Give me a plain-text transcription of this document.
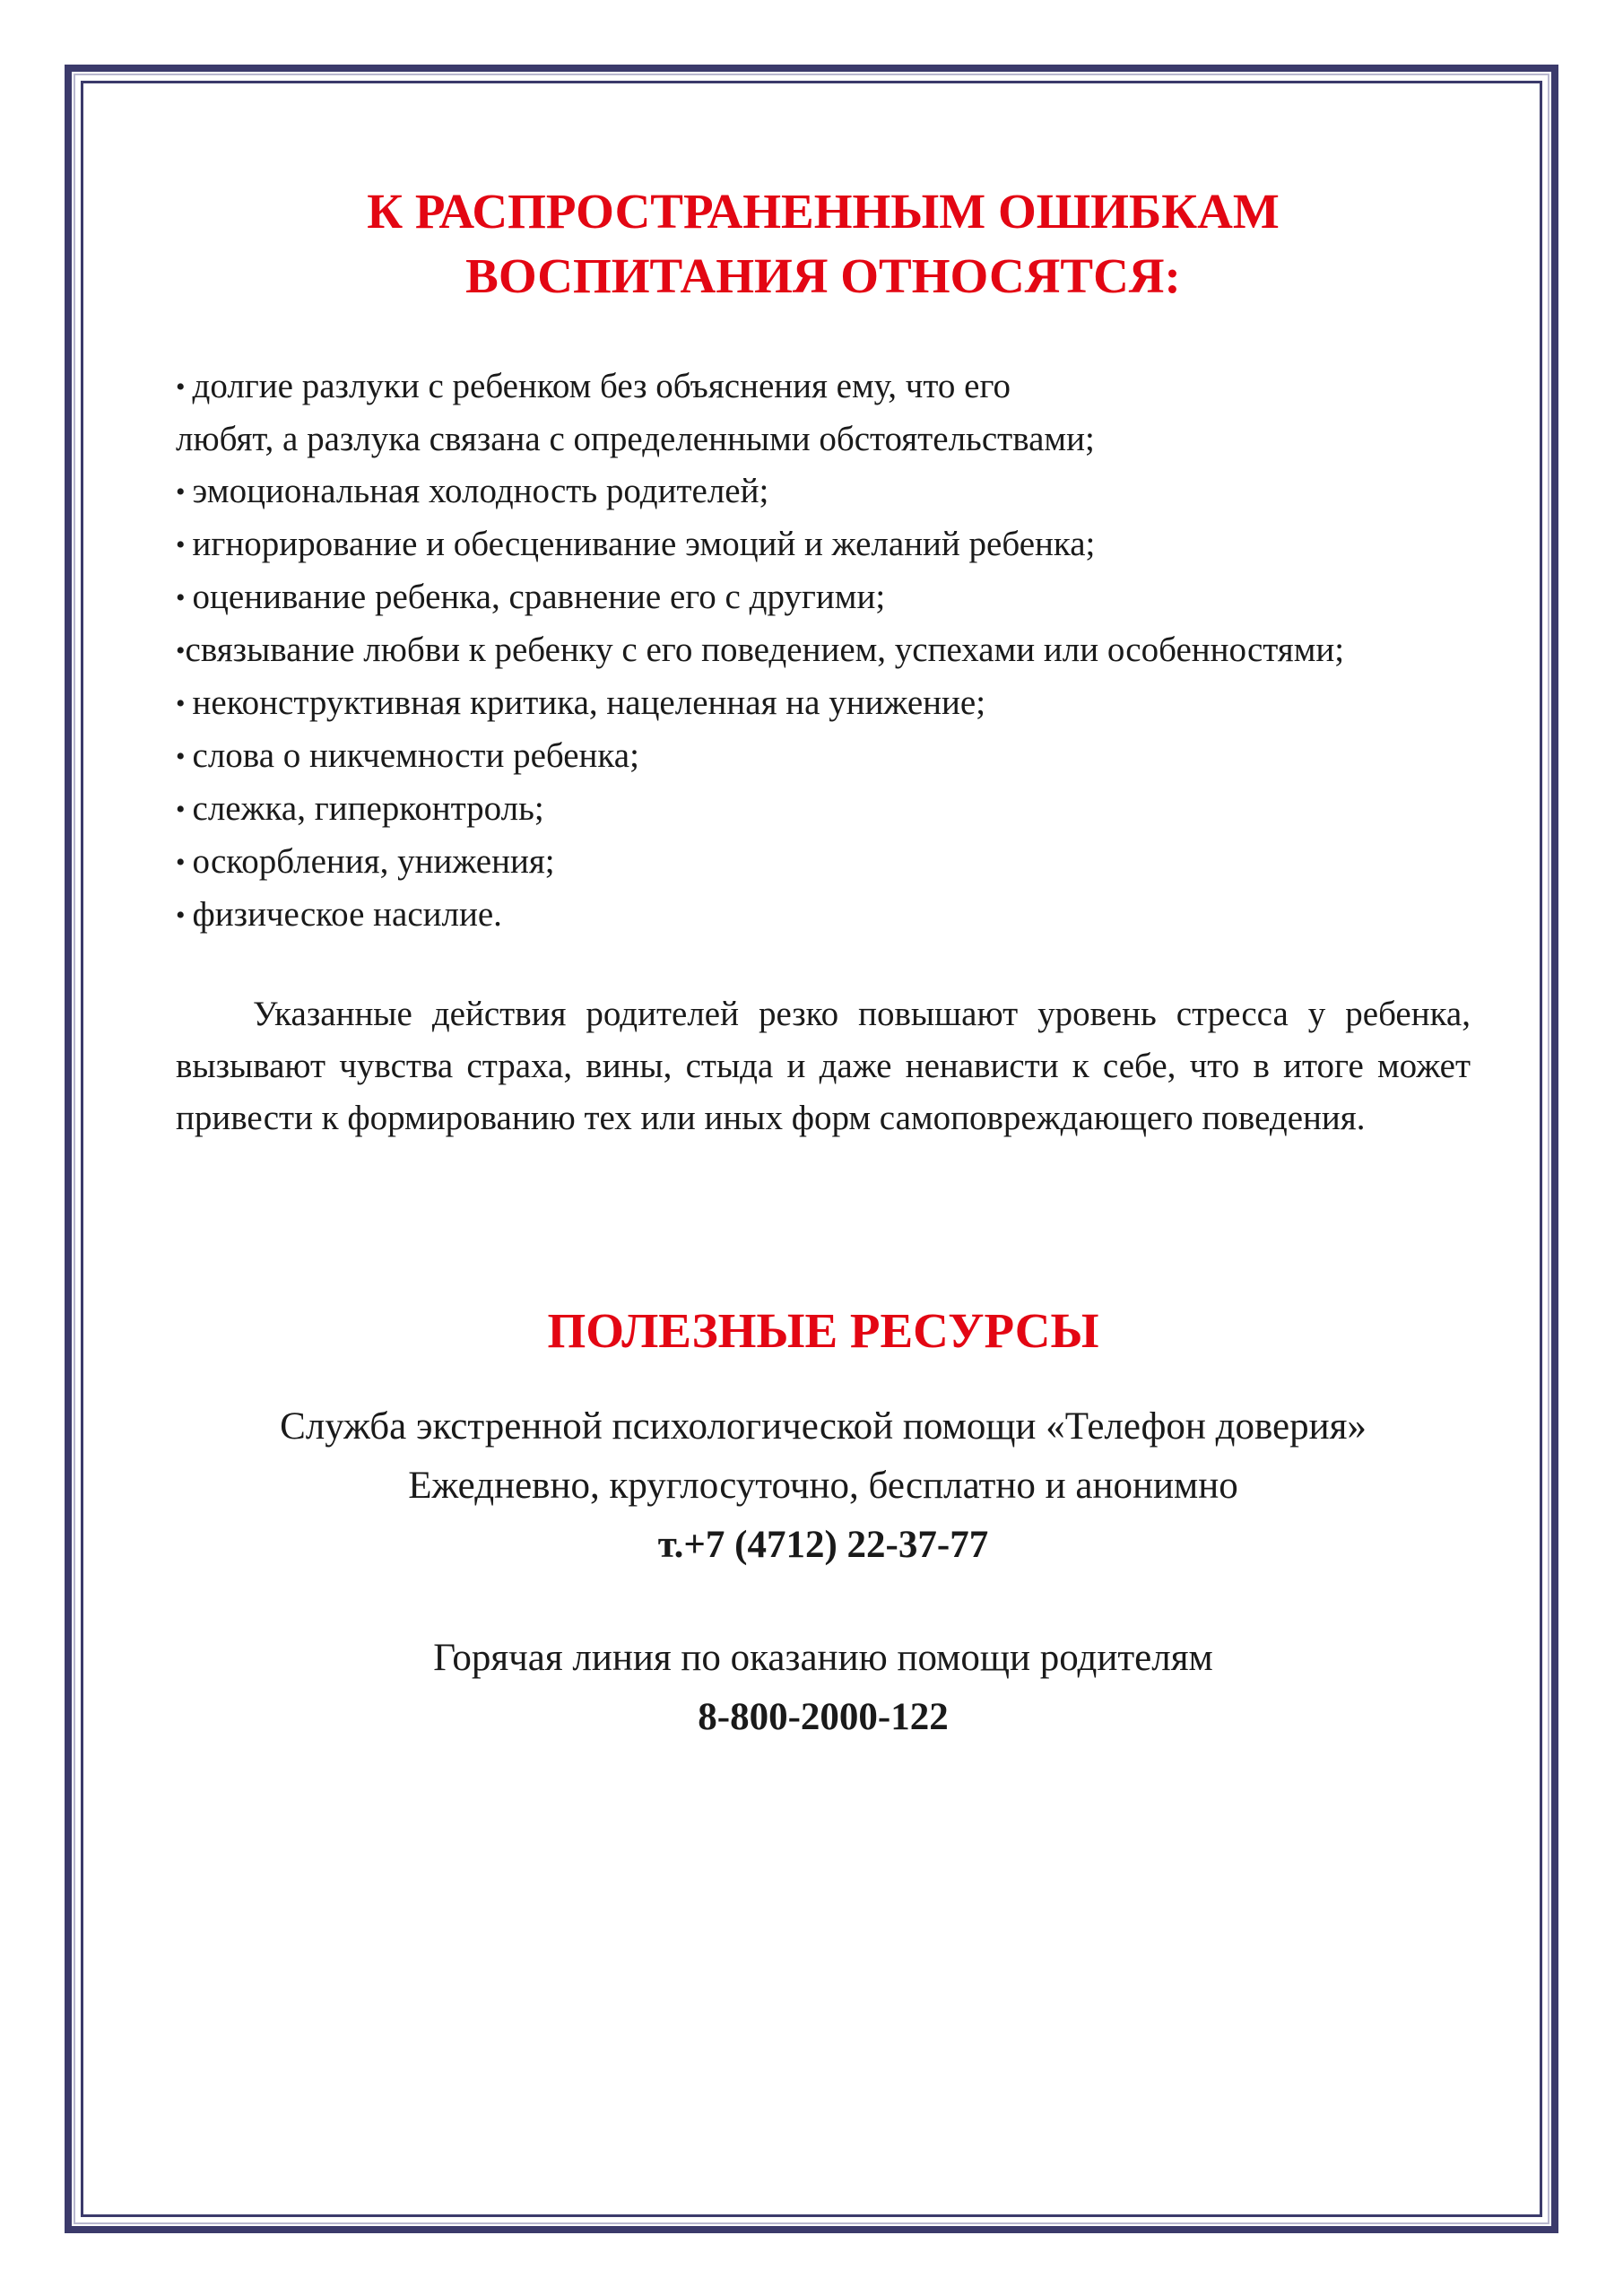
К РАСПРОСТРАНЕННЫМ ОШИБКАМ
ВОСПИТАНИЯ ОТНОСЯТСЯ:
• долгие разлуки с ребенком без объяснения ему, что его
любят, а разлука связана с определенными обстоятельствами;
• эмоциональная холодность родителей;
• игнорирование и обесценивание эмоций и желаний ребенка;
• оценивание ребенка, сравнение его с другими;
•связывание любви к ребенку с его поведением, успехами или особенностями;
• неконструктивная критика, нацеленная на унижение;
• слова о никчемности ребенка;
• слежка, гиперконтроль;
• оскорбления, унижения;
• физическое насилие.

Указанные действия родителей резко повышают уровень стресса у ребенка, вызывают чувства страха, вины, стыда и даже ненависти к себе, что в итоге может привести к формированию тех или иных форм самоповреждающего поведения.

ПОЛЕЗНЫЕ РЕСУРСЫ

Служба экстренной психологической помощи «Телефон доверия»

Ежедневно, круглосуточно, бесплатно и анонимно

т.+7 (4712) 22-37-77

Горячая линия по оказанию помощи родителям

8-800-2000-122
